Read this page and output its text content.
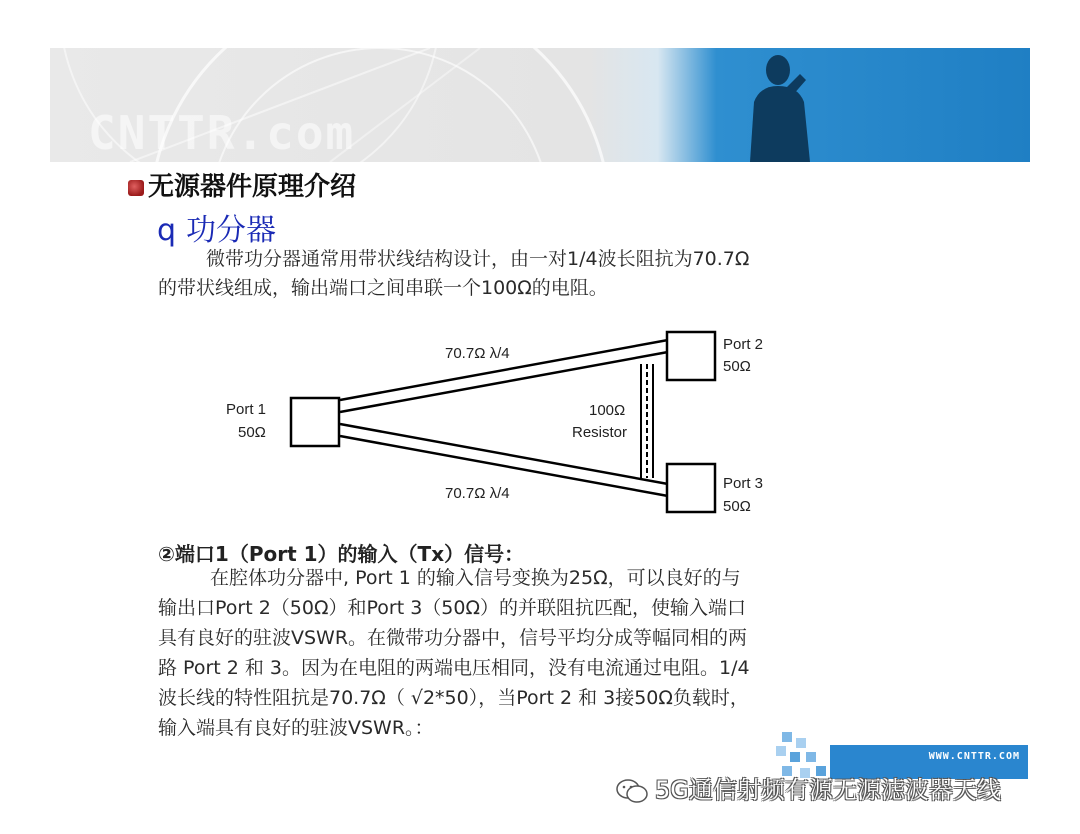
CNTTR.com
无源器件原理介绍
q 功分器
微带功分器通常用带状线结构设计，由一对1/4波长阻抗为70.7Ω
的带状线组成，输出端口之间串联一个100Ω的电阻。
70.7Ω λ/4
70.7Ω λ/4
Port 1
50Ω
Port 2
50Ω
Port 3
50Ω
100Ω
Resistor
②端口1（Port 1）的输入（Tx）信号：
在腔体功分器中, Port 1 的输入信号变换为25Ω，可以良好的与
输出口Port 2（50Ω）和Port 3（50Ω）的并联阻抗匹配，使输入端口
具有良好的驻波VSWR。在微带功分器中，信号平均分成等幅同相的两
路 Port 2 和 3。因为在电阻的两端电压相同，没有电流通过电阻。1/4
波长线的特性阻抗是70.7Ω（ √2*50），当Port 2 和 3接50Ω负载时，
输入端具有良好的驻波VSWR。：
WWW.CNTTR.COM
5G通信射频有源无源滤波器天线
